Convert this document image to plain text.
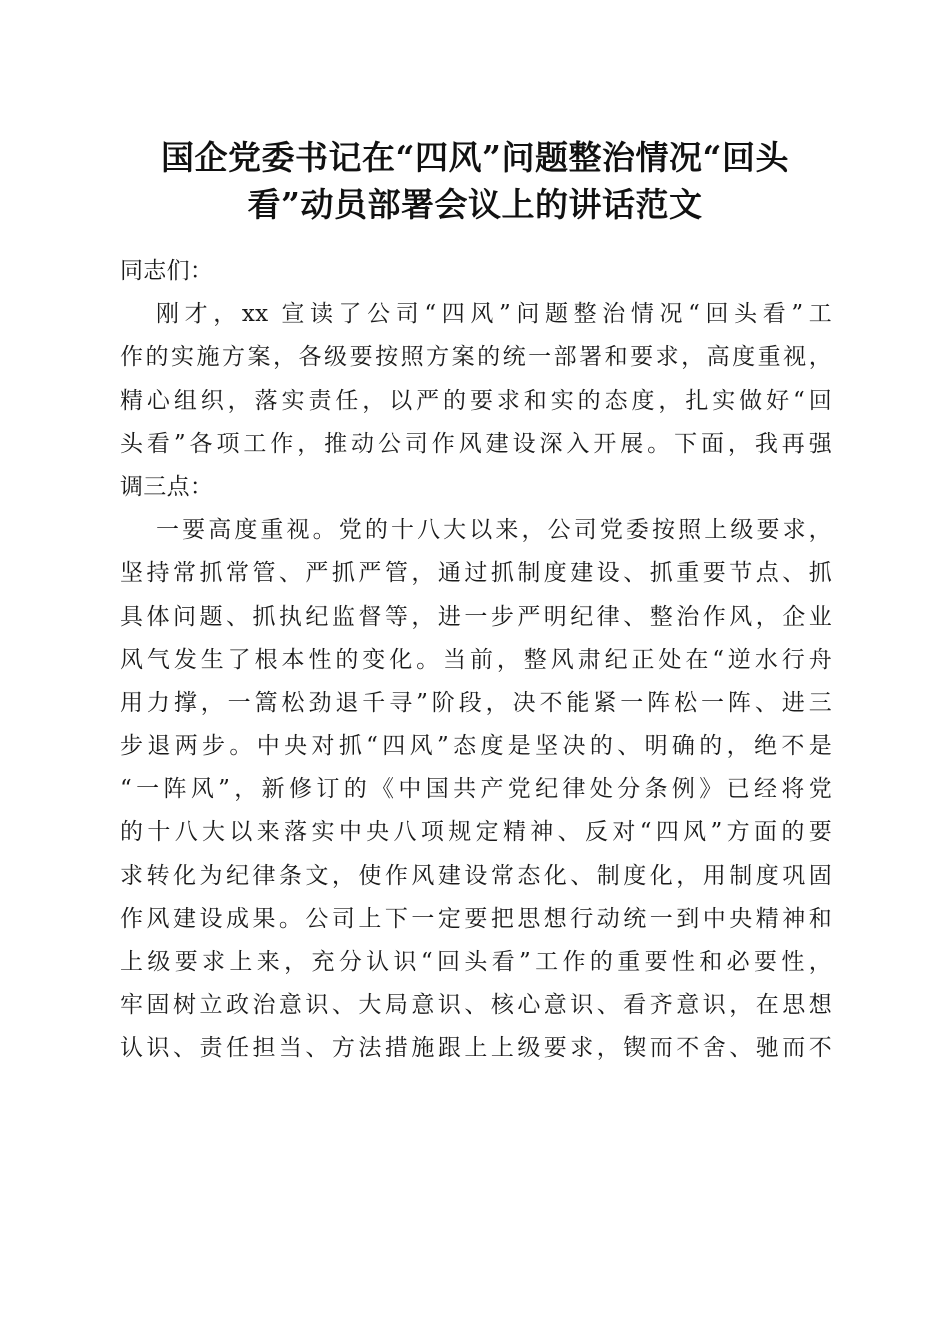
国企党委书记在“四风”问题整治情况“回头
看”动员部署会议上的讲话范文
同志们：
刚才，xx 宣读了公司“四风”问题整治情况“回头看”工
作的实施方案，各级要按照方案的统一部署和要求，高度重视，
精心组织，落实责任，以严的要求和实的态度，扎实做好“回
头看”各项工作，推动公司作风建设深入开展。下面，我再强
调三点：
一要高度重视。党的十八大以来，公司党委按照上级要求，
坚持常抓常管、严抓严管，通过抓制度建设、抓重要节点、抓
具体问题、抓执纪监督等，进一步严明纪律、整治作风，企业
风气发生了根本性的变化。当前，整风肃纪正处在“逆水行舟
用力撑，一篙松劲退千寻”阶段，决不能紧一阵松一阵、进三
步退两步。中央对抓“四风”态度是坚决的、明确的，绝不是
“一阵风”，新修订的《中国共产党纪律处分条例》已经将党
的十八大以来落实中央八项规定精神、反对“四风”方面的要
求转化为纪律条文，使作风建设常态化、制度化，用制度巩固
作风建设成果。公司上下一定要把思想行动统一到中央精神和
上级要求上来，充分认识“回头看”工作的重要性和必要性，
牢固树立政治意识、大局意识、核心意识、看齐意识，在思想
认识、责任担当、方法措施跟上上级要求，锲而不舍、驰而不
